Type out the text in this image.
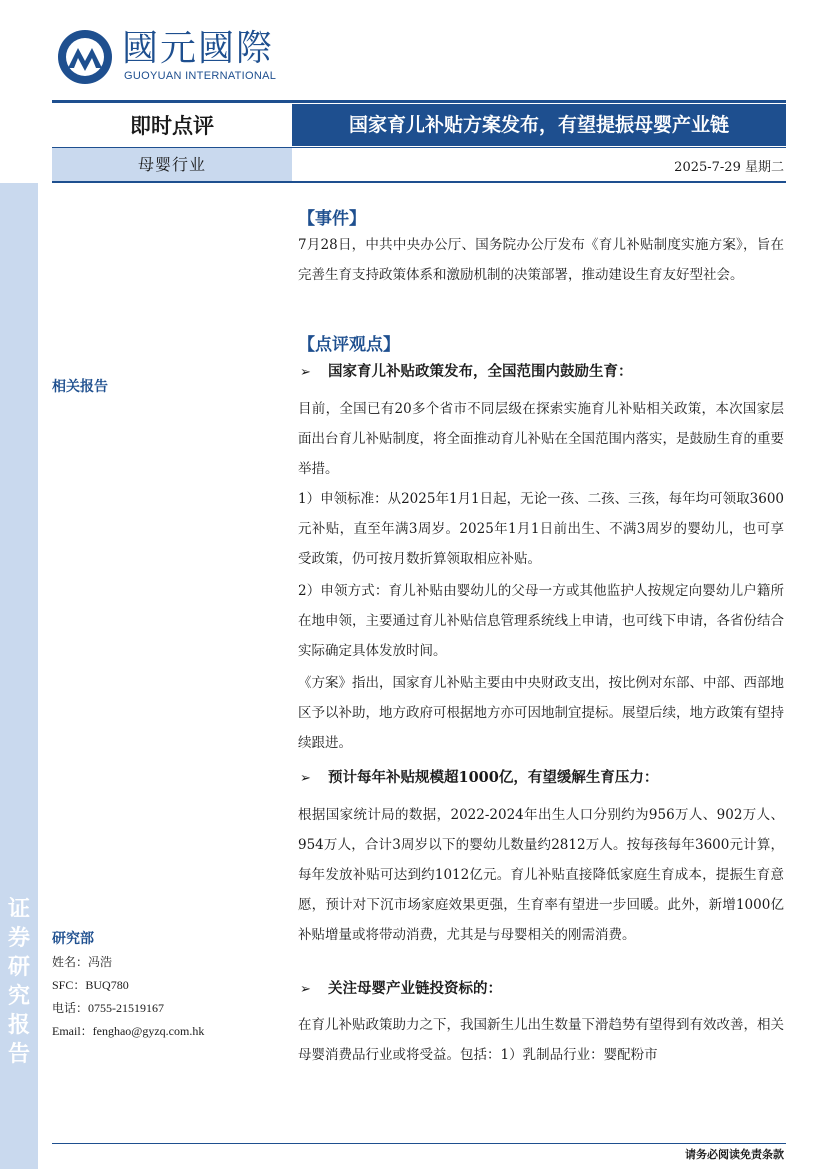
國元國際
GUOYUAN INTERNATIONAL
即时点评	国家育儿补贴方案发布，有望提振母婴产业链
母婴行业	2025-7-29 星期二
证券研究报告
相关报告
研究部
姓名：冯浩
SFC：BUQ780
电话：0755-21519167
Email：fenghao@gyzq.com.hk
【事件】
7月28日，中共中央办公厅、国务院办公厅发布《育儿补贴制度实施方案》，旨在完善生育支持政策体系和激励机制的决策部署，推动建设生育友好型社会。
【点评观点】
➢ 国家育儿补贴政策发布，全国范围内鼓励生育：
目前，全国已有20多个省市不同层级在探索实施育儿补贴相关政策，本次国家层面出台育儿补贴制度，将全面推动育儿补贴在全国范围内落实，是鼓励生育的重要举措。
1）申领标准：从2025年1月1日起，无论一孩、二孩、三孩，每年均可领取3600元补贴，直至年满3周岁。2025年1月1日前出生、不满3周岁的婴幼儿，也可享受政策，仍可按月数折算领取相应补贴。
2）申领方式：育儿补贴由婴幼儿的父母一方或其他监护人按规定向婴幼儿户籍所在地申领，主要通过育儿补贴信息管理系统线上申请，也可线下申请，各省份结合实际确定具体发放时间。
《方案》指出，国家育儿补贴主要由中央财政支出，按比例对东部、中部、西部地区予以补助，地方政府可根据地方亦可因地制宜提标。展望后续，地方政策有望持续跟进。
➢ 预计每年补贴规模超1000亿，有望缓解生育压力：
根据国家统计局的数据，2022-2024年出生人口分别约为956万人、902万人、954万人，合计3周岁以下的婴幼儿数量约2812万人。按每孩每年3600元计算，每年发放补贴可达到约1012亿元。育儿补贴直接降低家庭生育成本，提振生育意愿，预计对下沉市场家庭效果更强，生育率有望进一步回暖。此外，新增1000亿补贴增量或将带动消费，尤其是与母婴相关的刚需消费。
➢ 关注母婴产业链投资标的：
在育儿补贴政策助力之下，我国新生儿出生数量下滑趋势有望得到有效改善，相关母婴消费品行业或将受益。包括：1）乳制品行业：婴配粉市
请务必阅读免责条款
